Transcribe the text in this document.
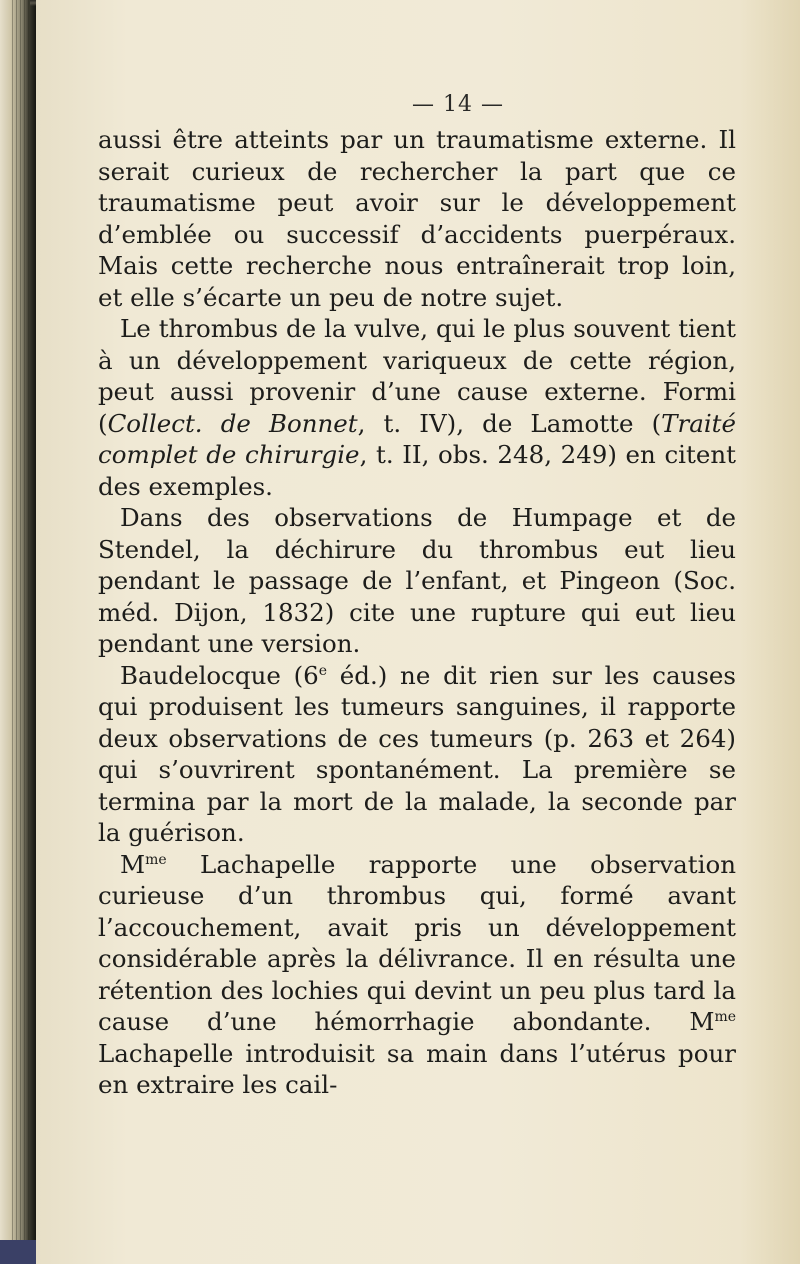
— 14 —

aussi être atteints par un traumatisme externe. Il serait curieux de rechercher la part que ce traumatisme peut avoir sur le développement d’emblée ou successif d’accidents puerpéraux. Mais cette recherche nous entraînerait trop loin, et elle s’écarte un peu de notre sujet.

Le thrombus de la vulve, qui le plus souvent tient à un développement variqueux de cette région, peut aussi provenir d’une cause externe. Formi (Collect. de Bonnet, t. IV), de Lamotte (Traité complet de chirurgie, t. II, obs. 248, 249) en citent des exemples.

Dans des observations de Humpage et de Stendel, la déchirure du thrombus eut lieu pendant le passage de l’enfant, et Pingeon (Soc. méd. Dijon, 1832) cite une rupture qui eut lieu pendant une version.

Baudelocque (6e éd.) ne dit rien sur les causes qui produisent les tumeurs sanguines, il rapporte deux observations de ces tumeurs (p. 263 et 264) qui s’ouvrirent spontanément. La première se termina par la mort de la malade, la seconde par la guérison.

$M^{me}$ Lachapelle rapporte une observation curieuse d’un thrombus qui, formé avant l’accouchement, avait pris un développement considérable après la délivrance. Il en résulta une rétention des lochies qui devint un peu plus tard la cause d’une hémorrhagie abondante. $M^{me}$ Lachapelle introduisit sa main dans l’utérus pour en extraire les cail-
